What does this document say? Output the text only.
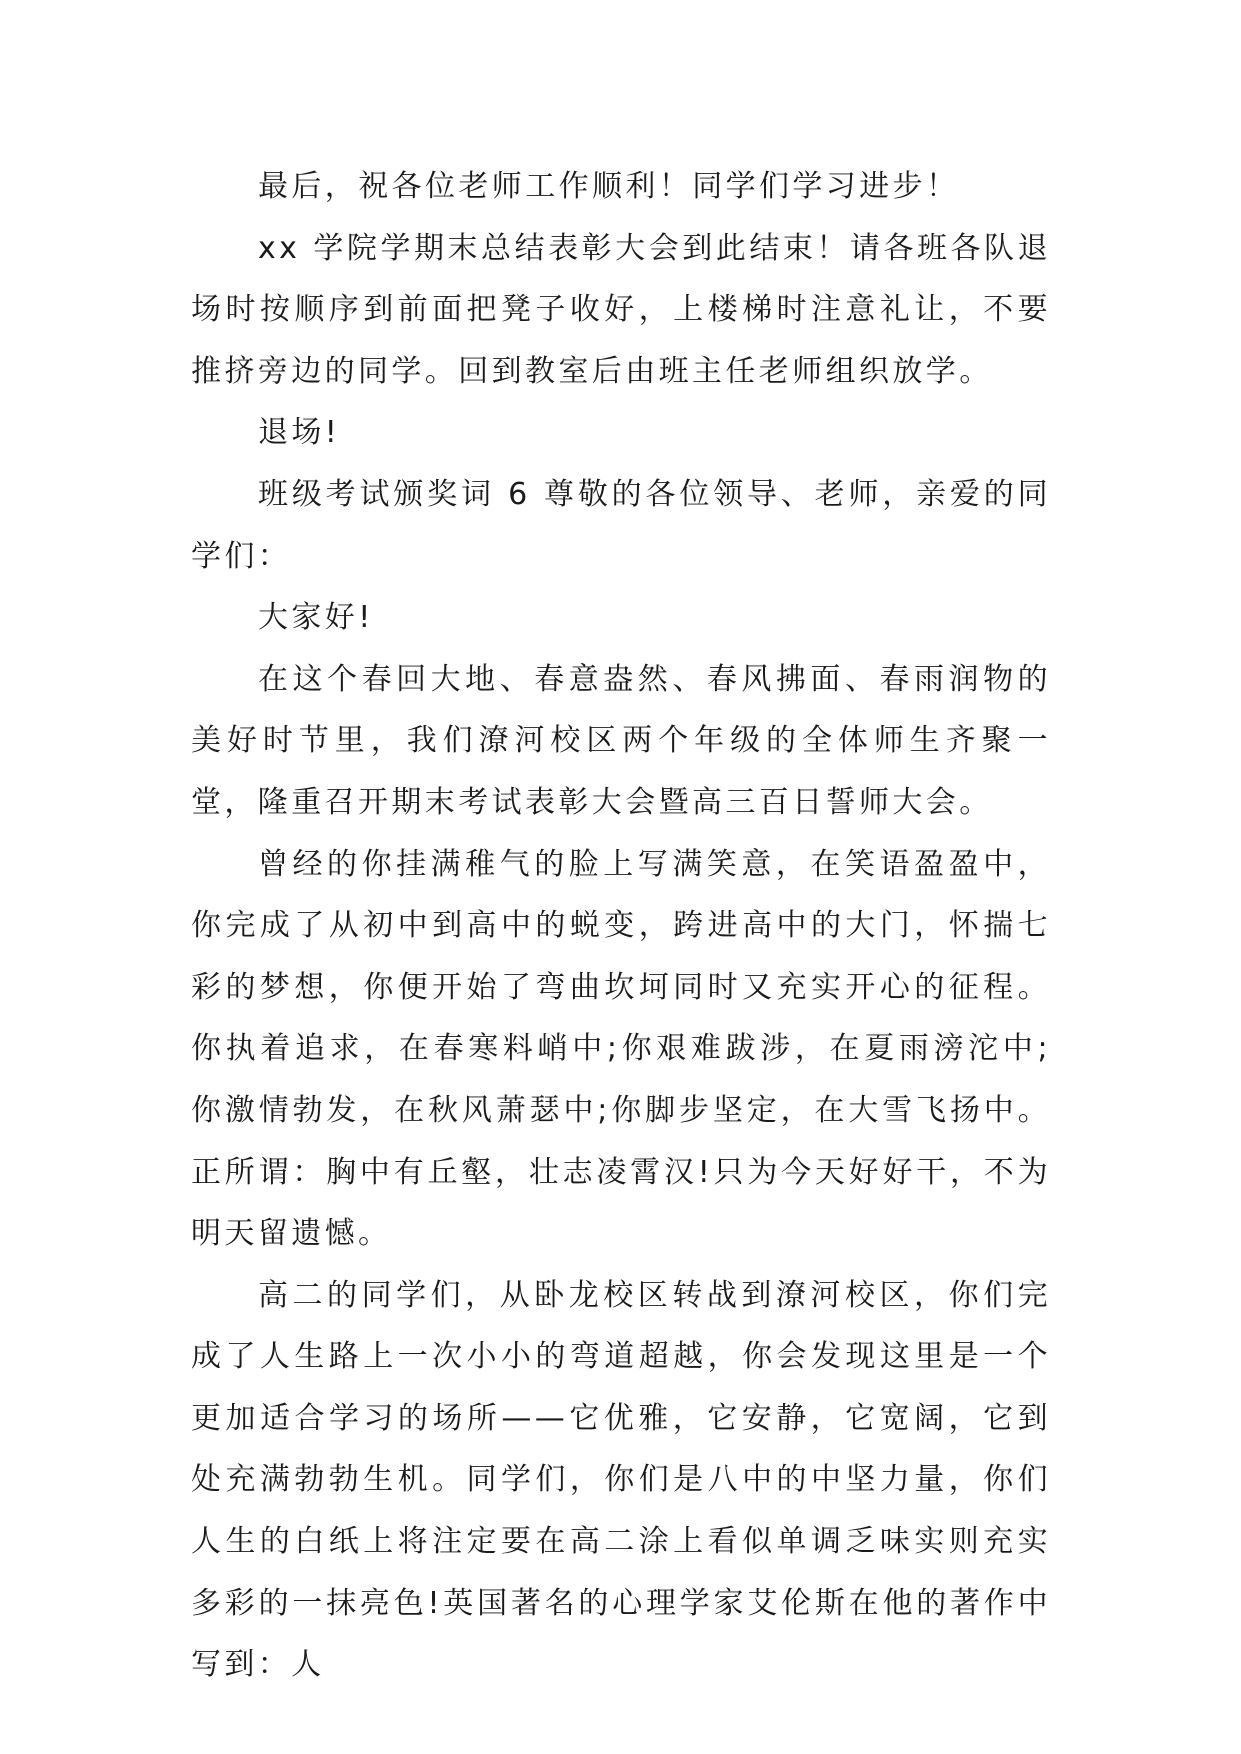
最后，祝各位老师工作顺利！同学们学习进步！

xx 学院学期末总结表彰大会到此结束！请各班各队退场时按顺序到前面把凳子收好，上楼梯时注意礼让，不要推挤旁边的同学。回到教室后由班主任老师组织放学。

退场!

班级考试颁奖词 6 尊敬的各位领导、老师，亲爱的同学们：

大家好!

在这个春回大地、春意盎然、春风拂面、春雨润物的美好时节里，我们潦河校区两个年级的全体师生齐聚一堂，隆重召开期末考试表彰大会暨高三百日誓师大会。

曾经的你挂满稚气的脸上写满笑意，在笑语盈盈中，你完成了从初中到高中的蜕变，跨进高中的大门，怀揣七彩的梦想，你便开始了弯曲坎坷同时又充实开心的征程。你执着追求，在春寒料峭中;你艰难跋涉，在夏雨滂沱中;你激情勃发，在秋风萧瑟中;你脚步坚定，在大雪飞扬中。正所谓：胸中有丘壑，壮志凌霄汉!只为今天好好干，不为明天留遗憾。

高二的同学们，从卧龙校区转战到潦河校区，你们完成了人生路上一次小小的弯道超越，你会发现这里是一个更加适合学习的场所——它优雅，它安静，它宽阔，它到处充满勃勃生机。同学们，你们是八中的中坚力量，你们人生的白纸上将注定要在高二涂上看似单调乏味实则充实多彩的一抹亮色!英国著名的心理学家艾伦斯在他的著作中写到：人
